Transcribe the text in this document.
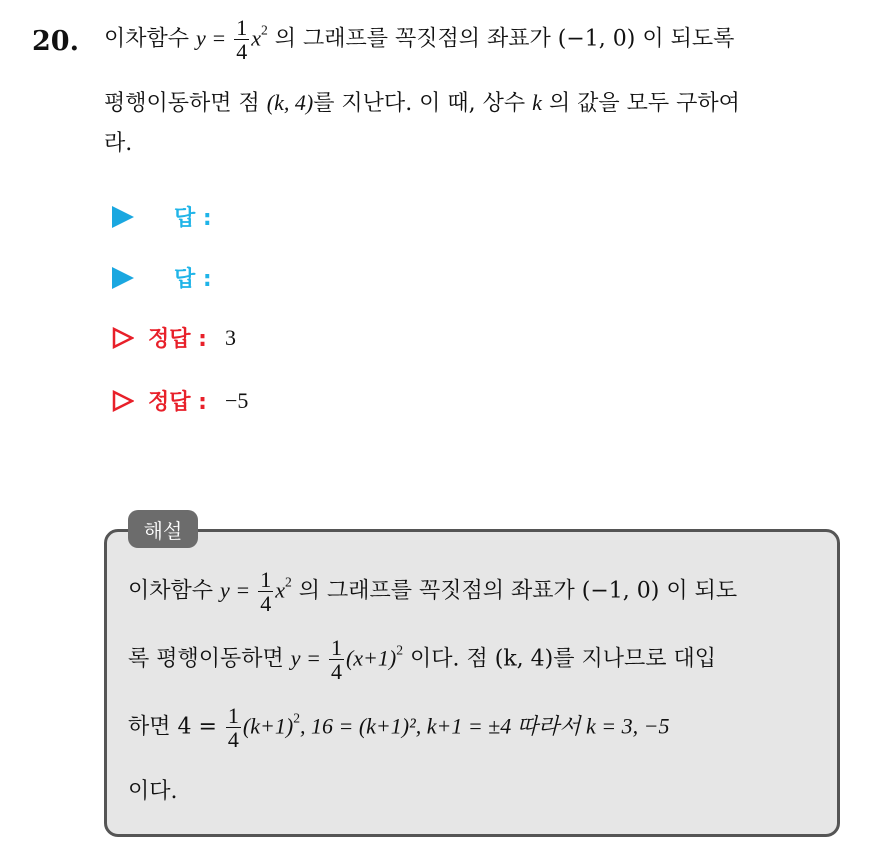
20. 이차함수 $y = \frac{1}{4} x^2$ 의 그래프를 꼭짓점의 좌표가 (−1, 0) 이 되도록
평행이동하면 점 (k, 4)를 지난다. 이 때, 상수 k 의 값을 모두 구하여
라.
답 :
답 :
정답 : 3
정답 : −5
해설
이차함수 $y = \frac{1}{4} x^2$ 의 그래프를 꼭짓점의 좌표가 (−1, 0) 이 되도
록 평행이동하면 $y = \frac{1}{4} (x+1)^2$ 이다. 점 (k, 4)를 지나므로 대입
하면 $4 = \frac{1}{4} (k+1)^2$, 16 = (k+1)², k+1 = ±4 따라서 k = 3, −5
이다.
